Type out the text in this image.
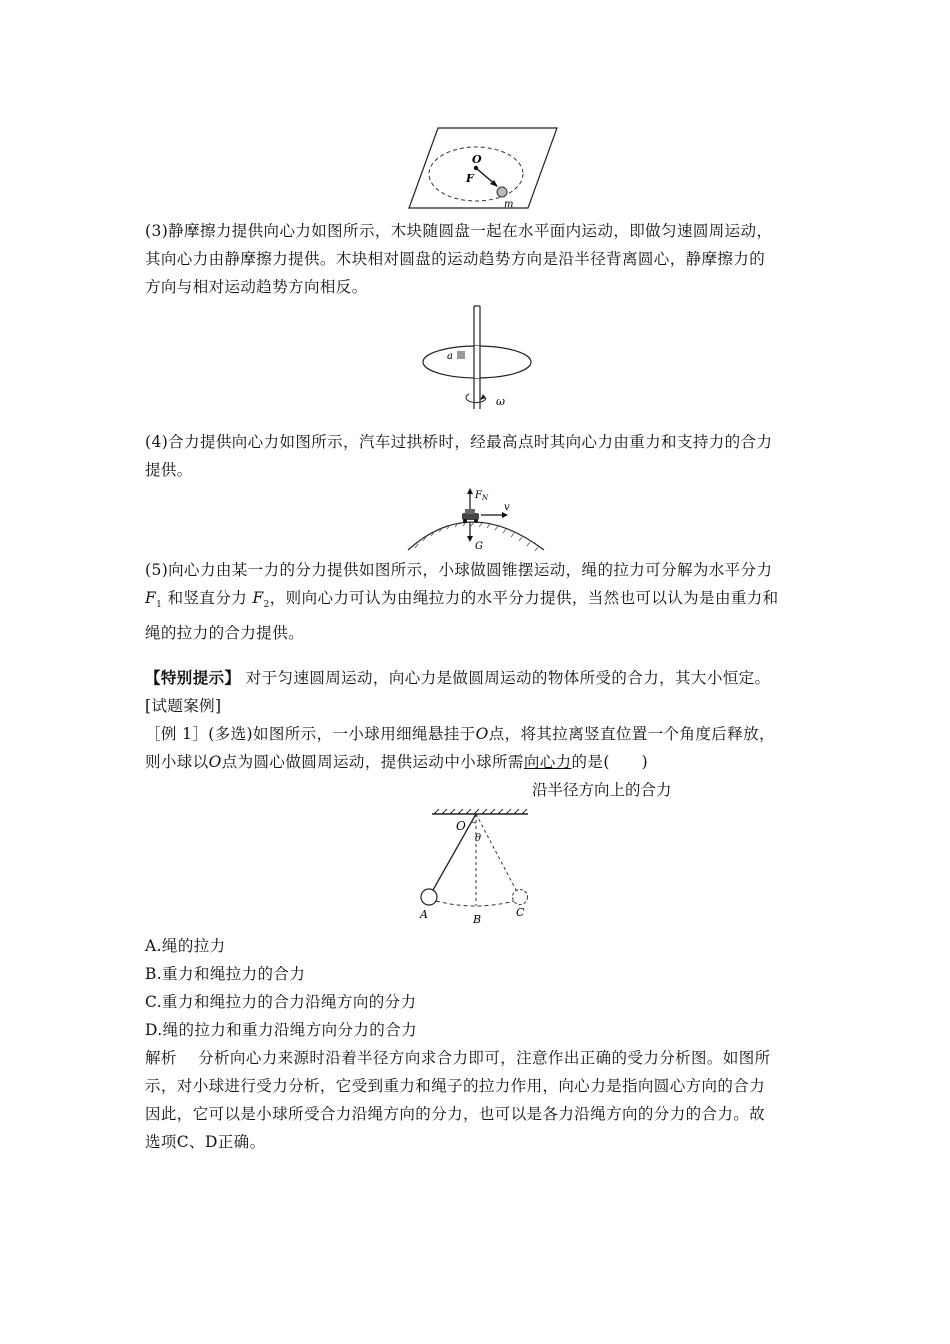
O
F
m

(3)静摩擦力提供向心力如图所示，木块随圆盘一起在水平面内运动，即做匀速圆周运动，
其向心力由静摩擦力提供。木块相对圆盘的运动趋势方向是沿半径背离圆心，静摩擦力的
方向与相对运动趋势方向相反。

a
ω

(4)合力提供向心力如图所示，汽车过拱桥时，经最高点时其向心力由重力和支持力的合力
提供。

$F_N$
v
G

(5)向心力由某一力的分力提供如图所示，小球做圆锥摆运动，绳的拉力可分解为水平分力
$F_1$ 和竖直分力 $F_2$，则向心力可认为由绳拉力的水平分力提供，当然也可以认为是由重力和
绳的拉力的合力提供。

【特别提示】 对于匀速圆周运动，向心力是做圆周运动的物体所受的合力，其大小恒定。

[试题案例]

［例 1］(多选)如图所示，一小球用细绳悬挂于O点，将其拉离竖直位置一个角度后释放，
则小球以O点为圆心做圆周运动，提供运动中小球所需向心力的是(　　)

沿半径方向上的合力
O
θ
A	B
C

A.绳的拉力

B.重力和绳拉力的合力

C.重力和绳拉力的合力沿绳方向的分力

D.绳的拉力和重力沿绳方向分力的合力

解析 分析向心力来源时沿着半径方向求合力即可，注意作出正确的受力分析图。如图所
示，对小球进行受力分析，它受到重力和绳子的拉力作用，向心力是指向圆心方向的合力
因此，它可以是小球所受合力沿绳方向的分力，也可以是各力沿绳方向的分力的合力。故
选项C、D正确。
